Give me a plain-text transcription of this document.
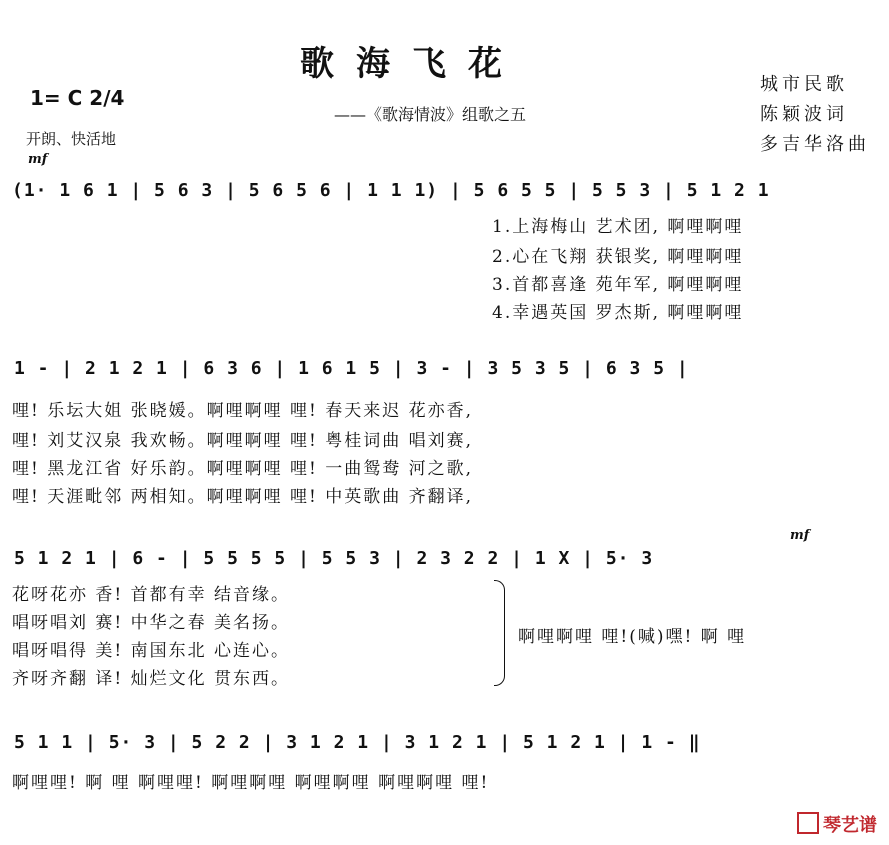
歌海飞花
——《歌海情波》组歌之五
城市民歌
陈颖波词
多吉华洛曲
1= C 2/4
开朗、快活地
mf
(1· 1 6 1 | 5 6 3 | 5 6 5 6 | 1 1 1) | 5 6 5 5 | 5 5 3 | 5 1 2 1
1.上海梅山 艺术团, 啊哩啊哩
2.心在飞翔 获银奖, 啊哩啊哩
3.首都喜逢 苑年军, 啊哩啊哩
4.幸遇英国 罗杰斯, 啊哩啊哩
1 - | 2 1 2 1 | 6 3 6 | 1 6 1 5 | 3 - | 3 5 3 5 | 6 3 5 |
哩! 乐坛大姐 张晓媛。啊哩啊哩 哩! 春天来迟 花亦香,
哩! 刘艾汉泉 我欢畅。啊哩啊哩 哩! 粤桂词曲 唱刘赛,
哩! 黑龙江省 好乐韵。啊哩啊哩 哩! 一曲鸳鸯 河之歌,
哩! 天涯毗邻 两相知。啊哩啊哩 哩! 中英歌曲 齐翻译,
mf
5 1 2 1 | 6 - | 5 5 5 5 | 5 5 3 | 2 3 2 2 | 1 X | 5· 3
花呀花亦 香! 首都有幸 结音缘。
唱呀唱刘 赛! 中华之春 美名扬。
唱呀唱得 美! 南国东北 心连心。
齐呀齐翻 译! 灿烂文化 贯东西。
啊哩啊哩 哩!(喊)嘿! 啊 哩
5 1 1 | 5· 3 | 5 2 2 | 3 1 2 1 | 3 1 2 1 | 5 1 2 1 | 1 - ‖
啊哩哩! 啊 哩 啊哩哩! 啊哩啊哩 啊哩啊哩 啊哩啊哩 哩!
琴艺谱
